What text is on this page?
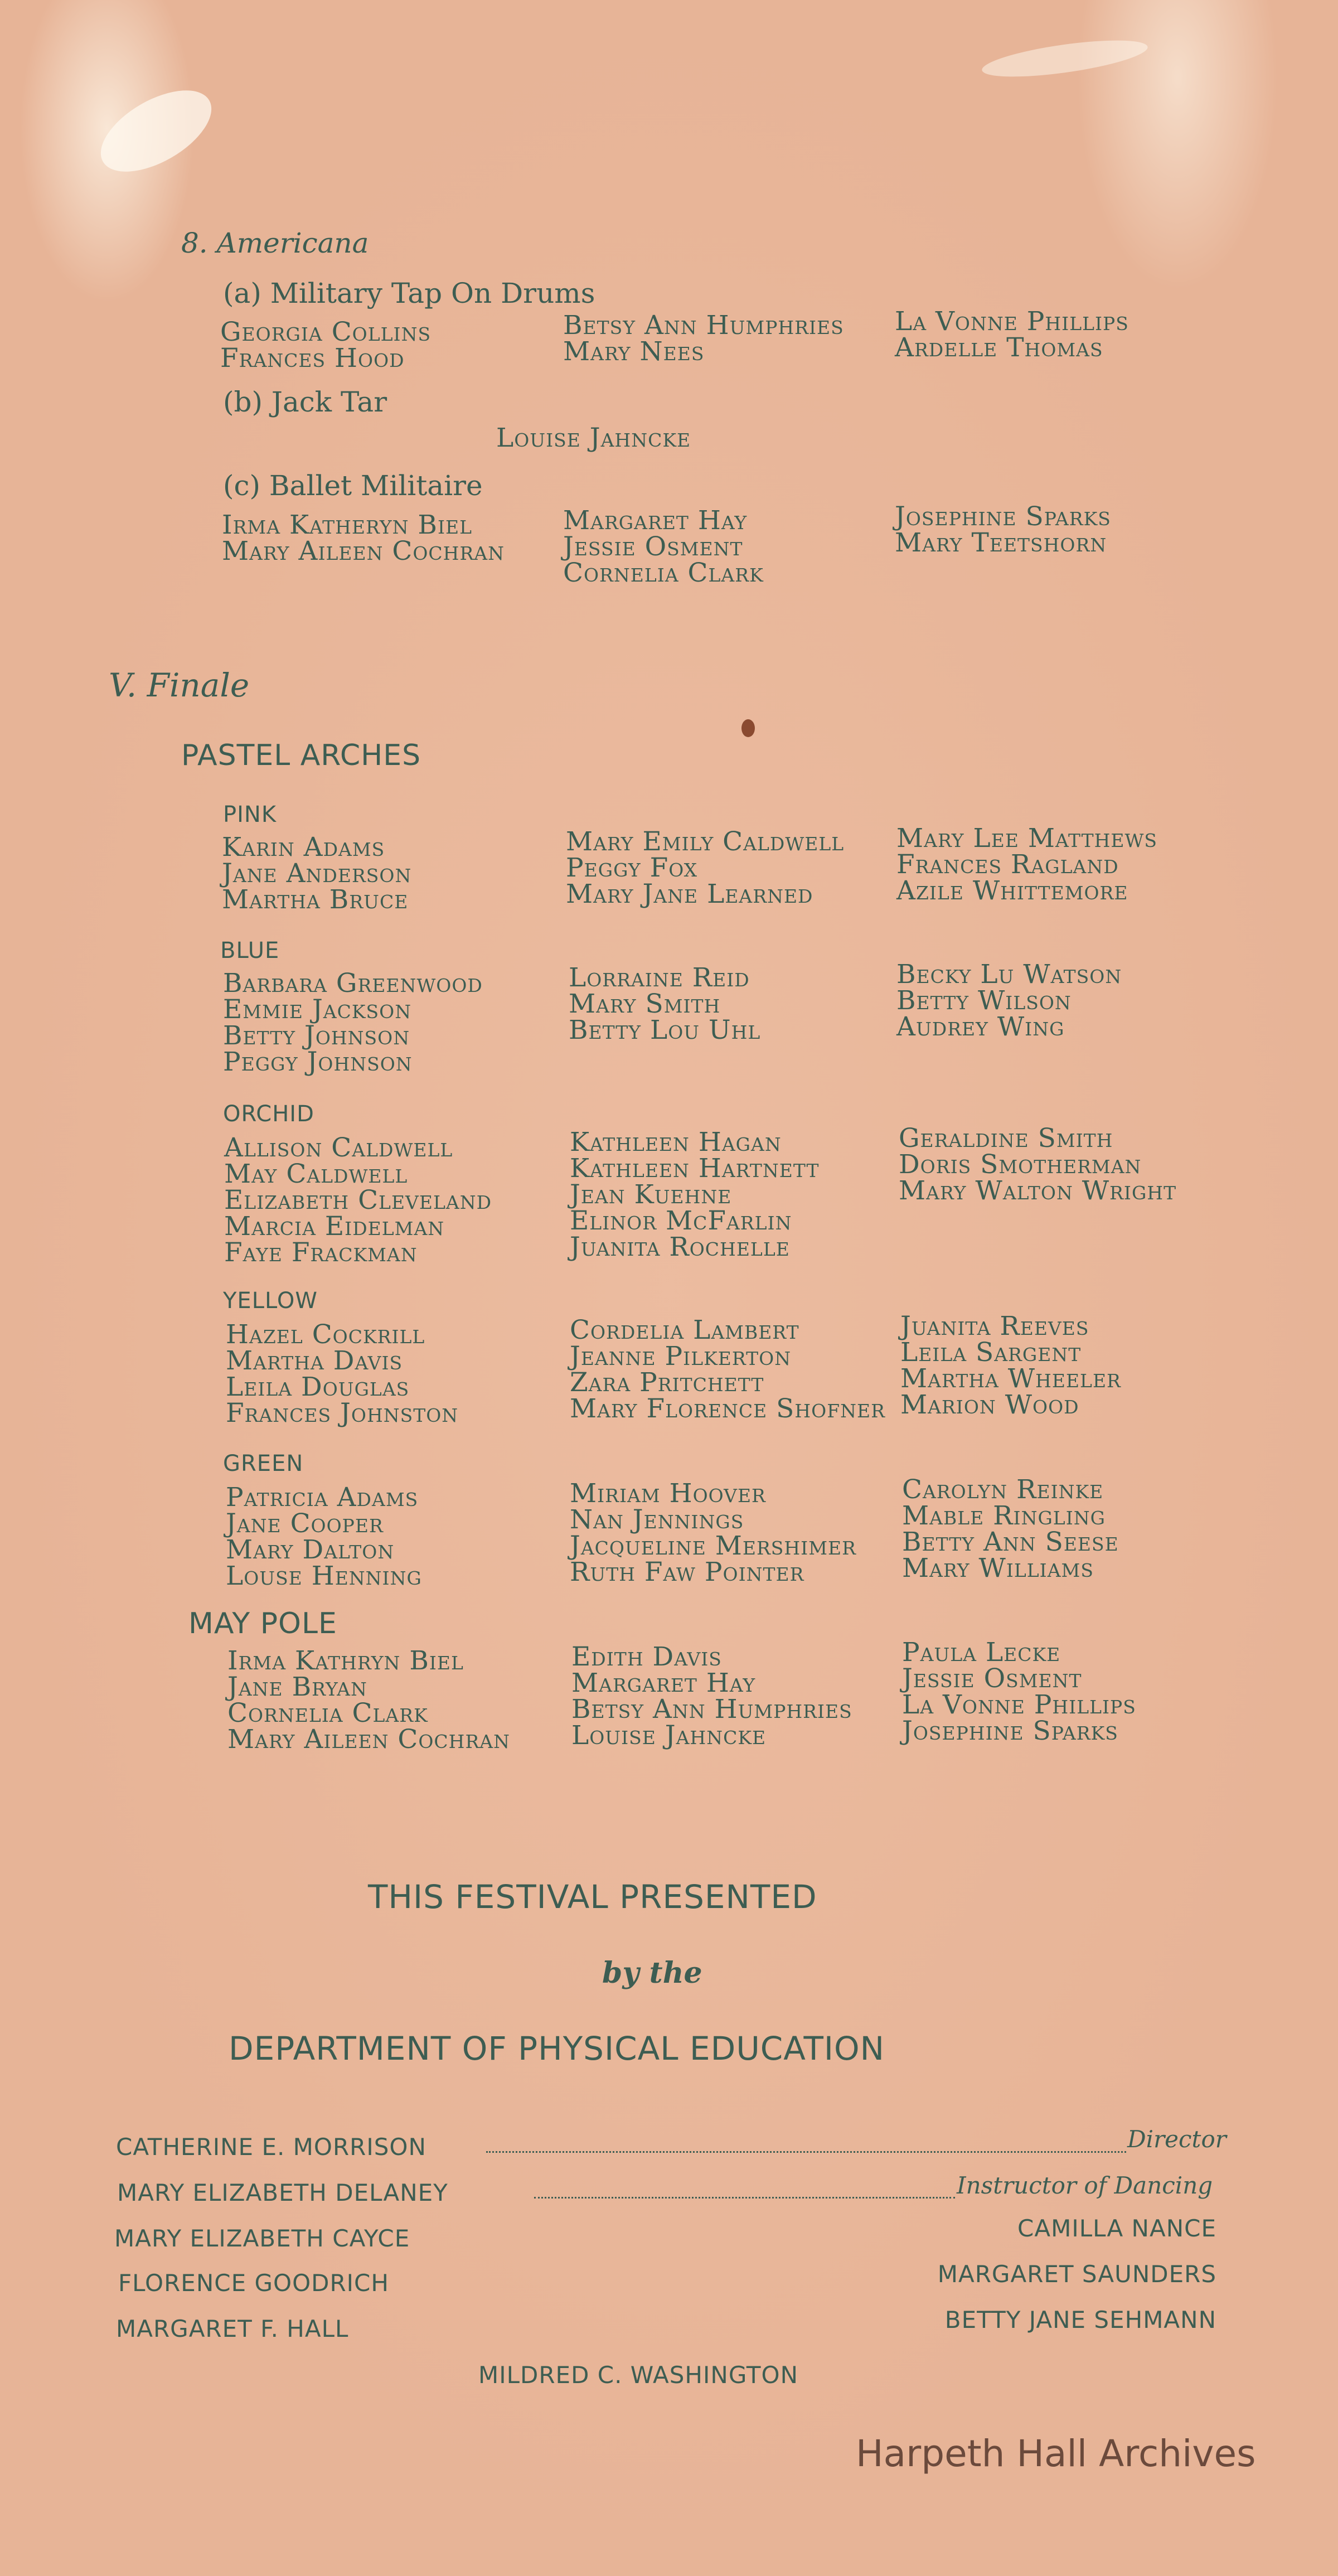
8. Americana
(a) Military Tap On Drums
Georgia Collins
Frances Hood
Betsy Ann Humphries
Mary Nees
La Vonne Phillips
Ardelle Thomas
(b) Jack Tar
Louise Jahncke
(c) Ballet Militaire
Irma Katheryn Biel
Mary Aileen Cochran
Margaret Hay
Jessie Osment
Cornelia Clark
Josephine Sparks
Mary Teetshorn
V. Finale
PASTEL ARCHES
PINK
Karin Adams
Jane Anderson
Martha Bruce
Mary Emily Caldwell
Peggy Fox
Mary Jane Learned
Mary Lee Matthews
Frances Ragland
Azile Whittemore
BLUE
Barbara Greenwood
Emmie Jackson
Betty Johnson
Peggy Johnson
Lorraine Reid
Mary Smith
Betty Lou Uhl
Becky Lu Watson
Betty Wilson
Audrey Wing
ORCHID
Allison Caldwell
May Caldwell
Elizabeth Cleveland
Marcia Eidelman
Faye Frackman
Kathleen Hagan
Kathleen Hartnett
Jean Kuehne
Elinor McFarlin
Juanita Rochelle
Geraldine Smith
Doris Smotherman
Mary Walton Wright
YELLOW
Hazel Cockrill
Martha Davis
Leila Douglas
Frances Johnston
Cordelia Lambert
Jeanne Pilkerton
Zara Pritchett
Mary Florence Shofner
Juanita Reeves
Leila Sargent
Martha Wheeler
Marion Wood
GREEN
Patricia Adams
Jane Cooper
Mary Dalton
Louse Henning
Miriam Hoover
Nan Jennings
Jacqueline Mershimer
Ruth Faw Pointer
Carolyn Reinke
Mable Ringling
Betty Ann Seese
Mary Williams
MAY POLE
Irma Kathryn Biel
Jane Bryan
Cornelia Clark
Mary Aileen Cochran
Edith Davis
Margaret Hay
Betsy Ann Humphries
Louise Jahncke
Paula Lecke
Jessie Osment
La Vonne Phillips
Josephine Sparks
THIS FESTIVAL PRESENTED
by the
DEPARTMENT OF PHYSICAL EDUCATION
CATHERINE E. MORRISON	Director
MARY ELIZABETH DELANEY	Instructor of Dancing
MARY ELIZABETH CAYCE
FLORENCE GOODRICH
MARGARET F. HALL
CAMILLA NANCE
MARGARET SAUNDERS
BETTY JANE SEHMANN
MILDRED C. WASHINGTON
Harpeth Hall Archives
